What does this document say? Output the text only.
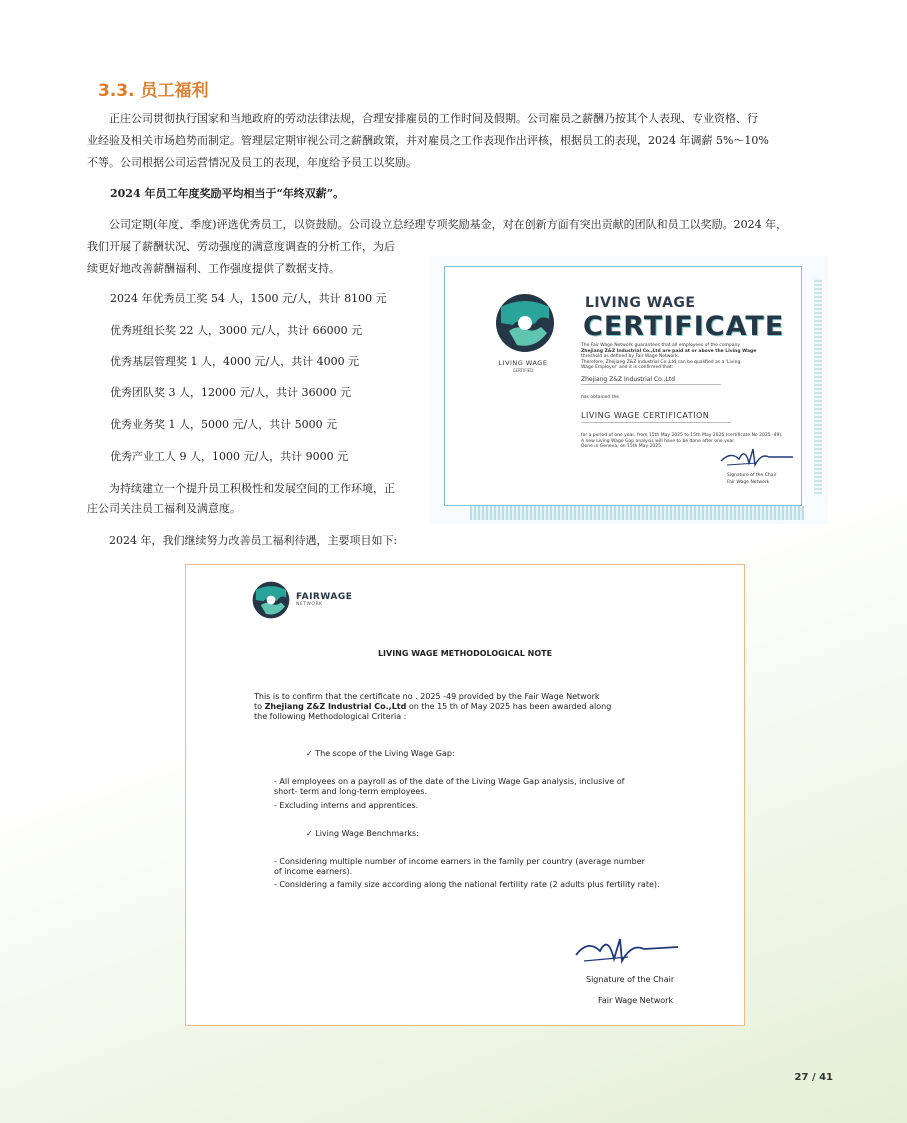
3.3. 员工福利
正庄公司贯彻执行国家和当地政府的劳动法律法规，合理安排雇员的工作时间及假期。公司雇员之薪酬乃按其个人表现、专业资格、行
业经验及相关市场趋势而制定。管理层定期审视公司之薪酬政策，并对雇员之工作表现作出评核，根据员工的表现，2024 年调薪 5%～10%
不等。公司根据公司运营情况及员工的表现，年度给予员工以奖励。
2024 年员工年度奖励平均相当于“年终双薪”。
公司定期(年度、季度)评选优秀员工，以资鼓励。公司设立总经理专项奖励基金，对在创新方面有突出贡献的团队和员工以奖励。2024 年，
我们开展了薪酬状况、劳动强度的满意度调查的分析工作，为后
续更好地改善薪酬福利、工作强度提供了数据支持。
2024 年优秀员工奖 54 人，1500 元/人，共计 8100 元
优秀班组长奖 22 人，3000 元/人，共计 66000 元
优秀基层管理奖 1 人，4000 元/人，共计 4000 元
优秀团队奖 3 人，12000 元/人，共计 36000 元
优秀业务奖 1 人，5000 元/人，共计 5000 元
优秀产业工人 9 人，1000 元/人，共计 9000 元
为持续建立一个提升员工积极性和发展空间的工作环境，正
庄公司关注员工福利及满意度。
2024 年，我们继续努力改善员工福利待遇，主要项目如下:
LIVING WAGE
CERTIFIED
LIVING WAGE
CERTIFICATE
The Fair Wage Network guarantees that all employees of the company
Zhejiang Z&Z Industrial Co.,Ltd are paid at or above the Living Wage
threshold as defined by Fair Wage Network.
Therefore, Zhejiang Z&Z Industrial Co.,Ltd can be qualified as a 'Living
Wage Employer' and it is confirmed that:
Zhejiang Z&Z Industrial Co.,Ltd
has obtained the
LIVING WAGE CERTIFICATION
for a period of one year, from 15th May 2025 to 15th May 2026 (certificate No 2025 -49).
A new Living Wage Gap analysis will have to be done after one year.
Done in Geneva, on 15th May 2025.
Signature of the Chair
Fair Wage Network
FAIRWAGE
NETWORK
LIVING WAGE METHODOLOGICAL NOTE
This is to confirm that the certificate no . 2025 -49 provided by the Fair Wage Network
to Zhejiang Z&Z Industrial Co.,Ltd on the 15 th of May 2025 has been awarded along
the following Methodological Criteria :
✓ The scope of the Living Wage Gap:
- All employees on a payroll as of the date of the Living Wage Gap analysis, inclusive of
short- term and long-term employees.
- Excluding interns and apprentices.
✓ Living Wage Benchmarks:
- Considering multiple number of income earners in the family per country (average number
of income earners).
- Considering a family size according along the national fertility rate (2 adults plus fertility rate).
Signature of the Chair
Fair Wage Network
27 / 41
